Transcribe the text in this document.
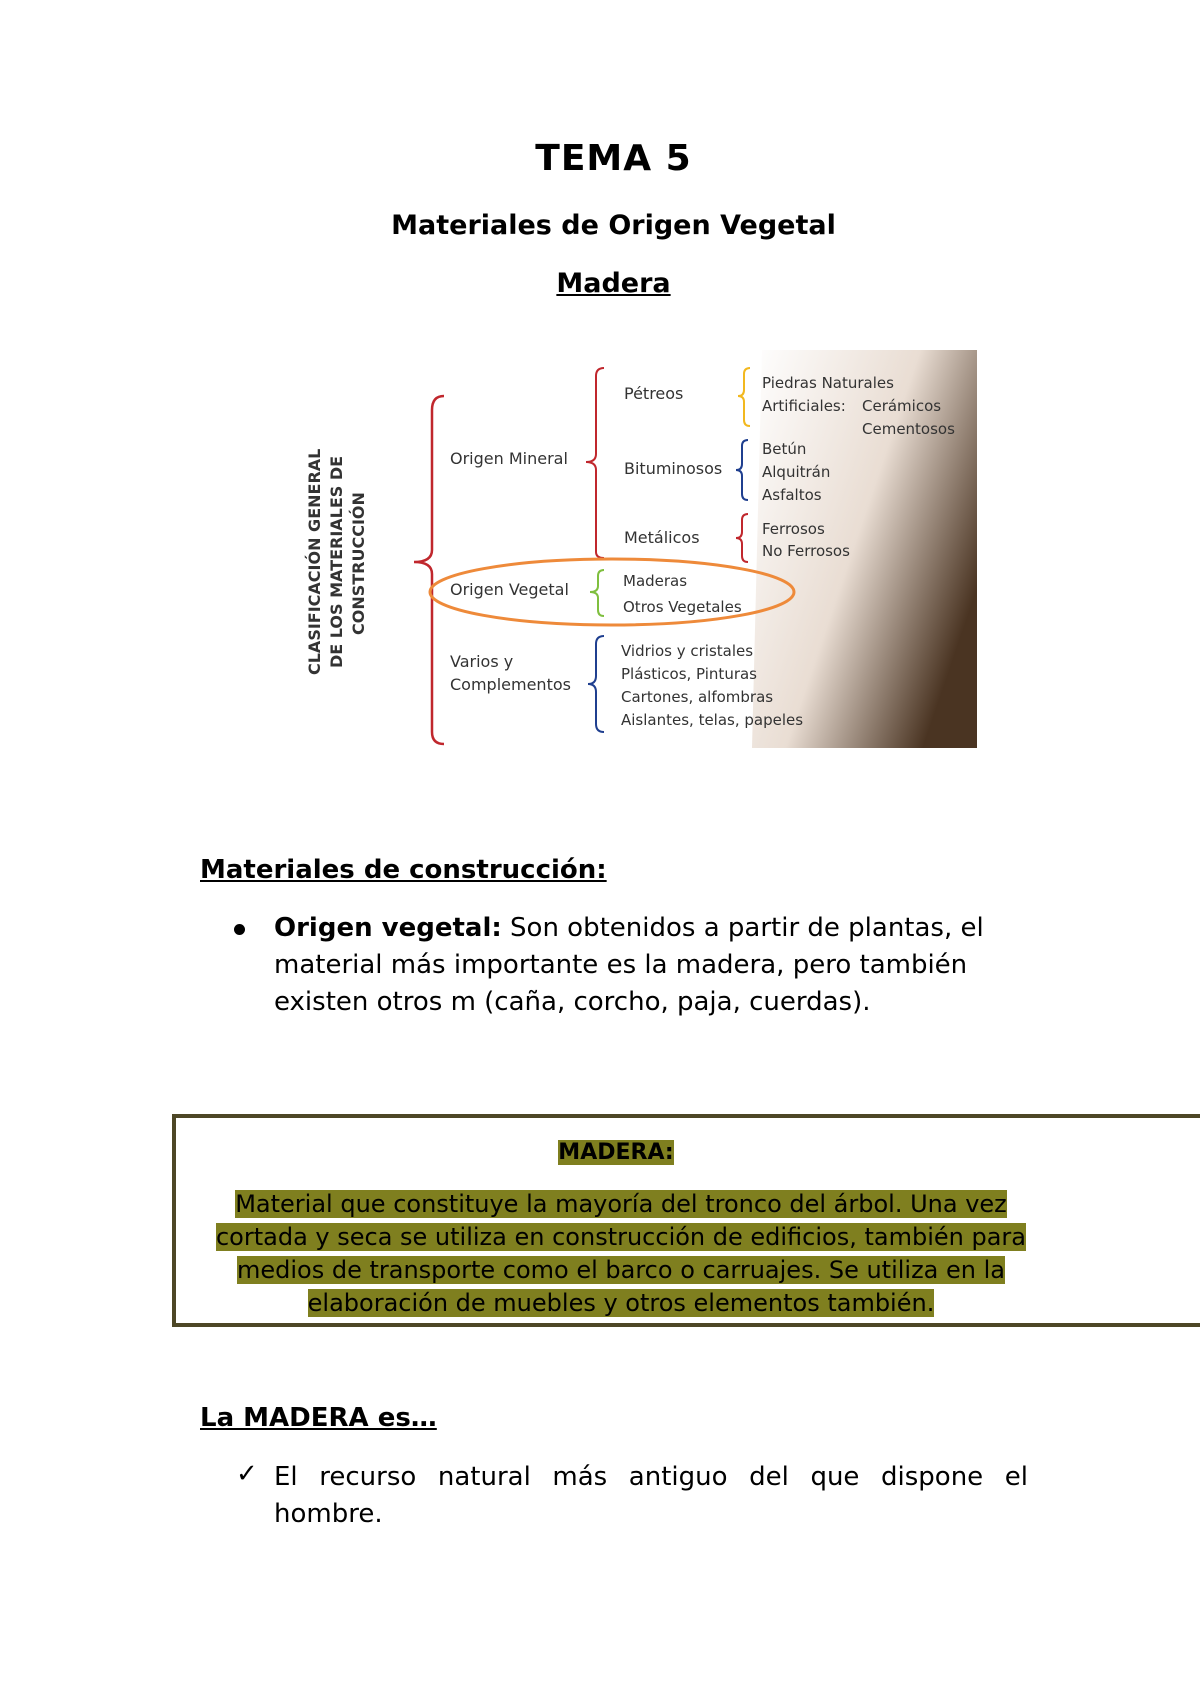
TEMA 5
Materiales de Origen Vegetal
Madera
CLASIFICACIÓN GENERAL DE LOS MATERIALES DE CONSTRUCCIÓN
Origen Mineral
Origen Vegetal
Varios y
Complementos
Pétreos
Bituminosos
Metálicos
Piedras Naturales
Artificiales: Cerámicos
Cementosos
Betún
Alquitrán
Asfaltos
Ferrosos
No Ferrosos
Maderas
Otros Vegetales
Vidrios y cristales
Plásticos, Pinturas
Cartones, alfombras
Aislantes, telas, papeles
Materiales de construcción:
Origen vegetal: Son obtenidos a partir de plantas, el material más importante es la madera, pero también existen otros m (caña, corcho, paja, cuerdas).
MADERA:
Material que constituye la mayoría del tronco del árbol. Una vez
cortada y seca se utiliza en construcción de edificios, también para
medios de transporte como el barco o carruajes. Se utiliza en la
elaboración de muebles y otros elementos también.
La MADERA es…
✓ El recurso natural más antiguo del que dispone el
hombre.
